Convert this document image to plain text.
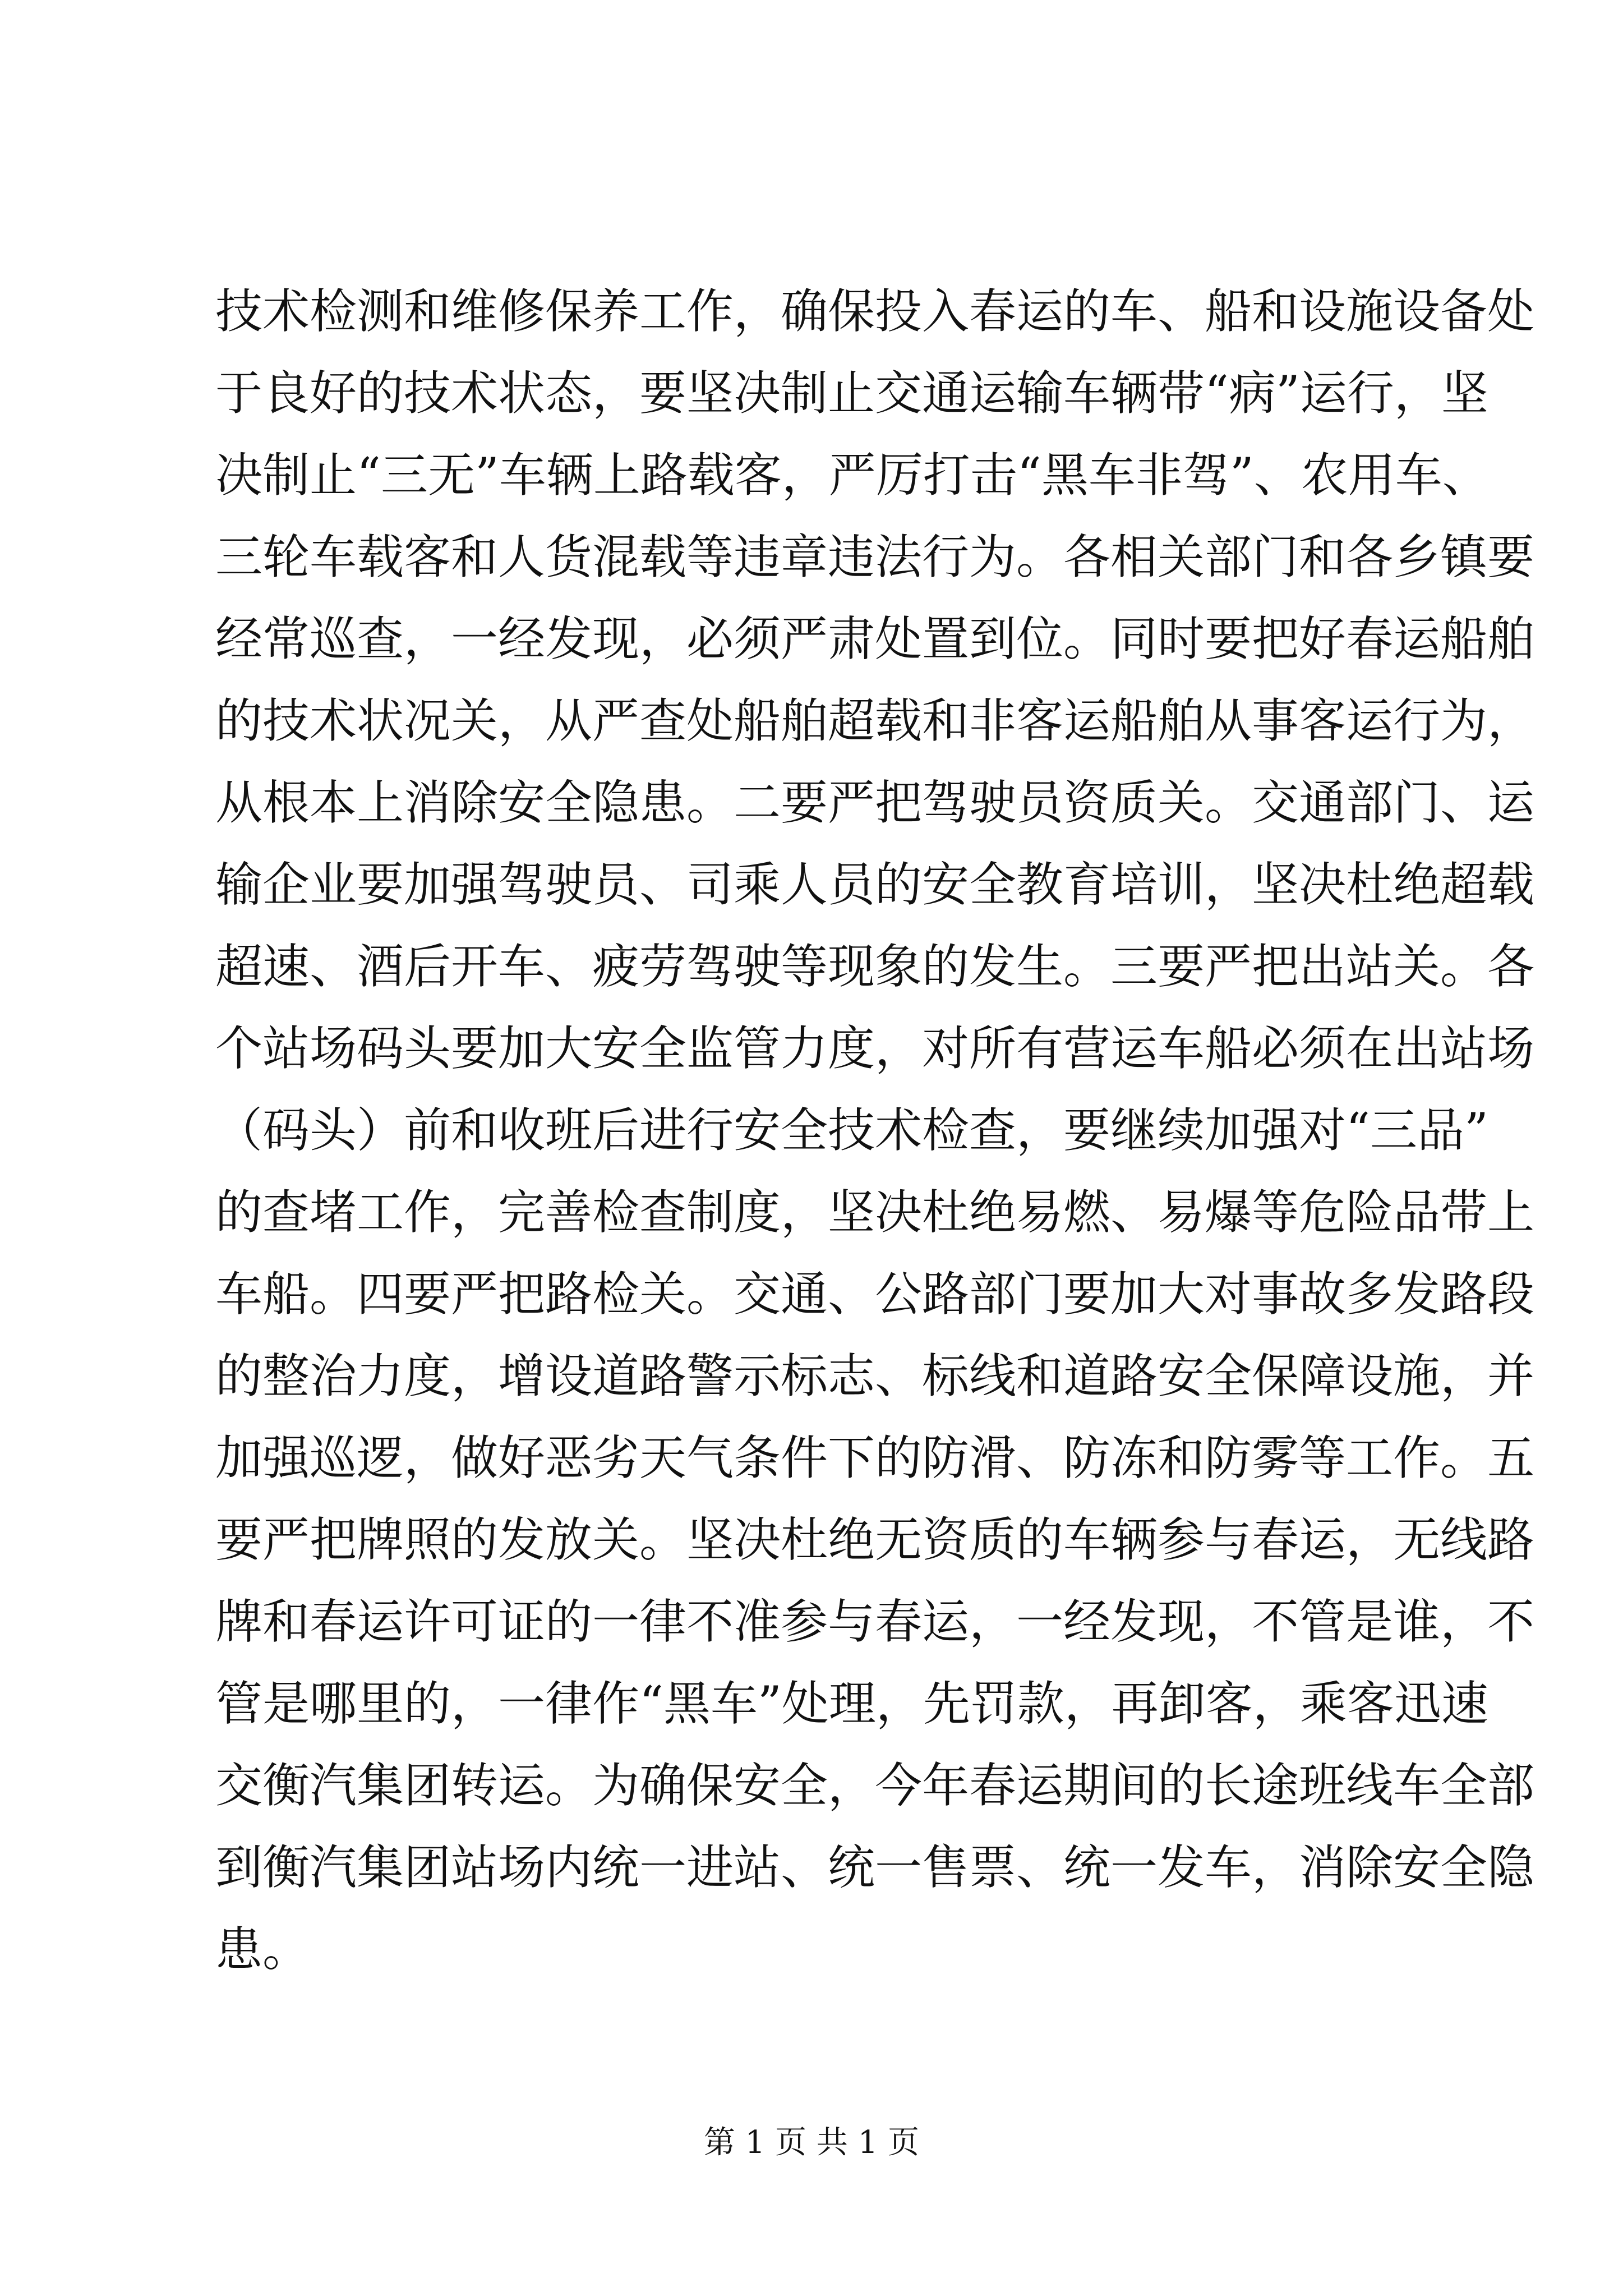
技术检测和维修保养工作，确保投入春运的车、船和设施设备处
于良好的技术状态，要坚决制止交通运输车辆带“病”运行，坚
决制止“三无”车辆上路载客，严厉打击“黑车非驾”、农用车、
三轮车载客和人货混载等违章违法行为。各相关部门和各乡镇要
经常巡查，一经发现，必须严肃处置到位。同时要把好春运船舶
的技术状况关，从严查处船舶超载和非客运船舶从事客运行为，
从根本上消除安全隐患。二要严把驾驶员资质关。交通部门、运
输企业要加强驾驶员、司乘人员的安全教育培训，坚决杜绝超载
超速、酒后开车、疲劳驾驶等现象的发生。三要严把出站关。各
个站场码头要加大安全监管力度，对所有营运车船必须在出站场
（码头）前和收班后进行安全技术检查，要继续加强对“三品”
的查堵工作，完善检查制度，坚决杜绝易燃、易爆等危险品带上
车船。四要严把路检关。交通、公路部门要加大对事故多发路段
的整治力度，增设道路警示标志、标线和道路安全保障设施，并
加强巡逻，做好恶劣天气条件下的防滑、防冻和防雾等工作。五
要严把牌照的发放关。坚决杜绝无资质的车辆参与春运，无线路
牌和春运许可证的一律不准参与春运，一经发现，不管是谁，不
管是哪里的，一律作“黑车”处理，先罚款，再卸客，乘客迅速
交衡汽集团转运。为确保安全，今年春运期间的长途班线车全部
到衡汽集团站场内统一进站、统一售票、统一发车，消除安全隐
患。
第 1 页 共 1 页
